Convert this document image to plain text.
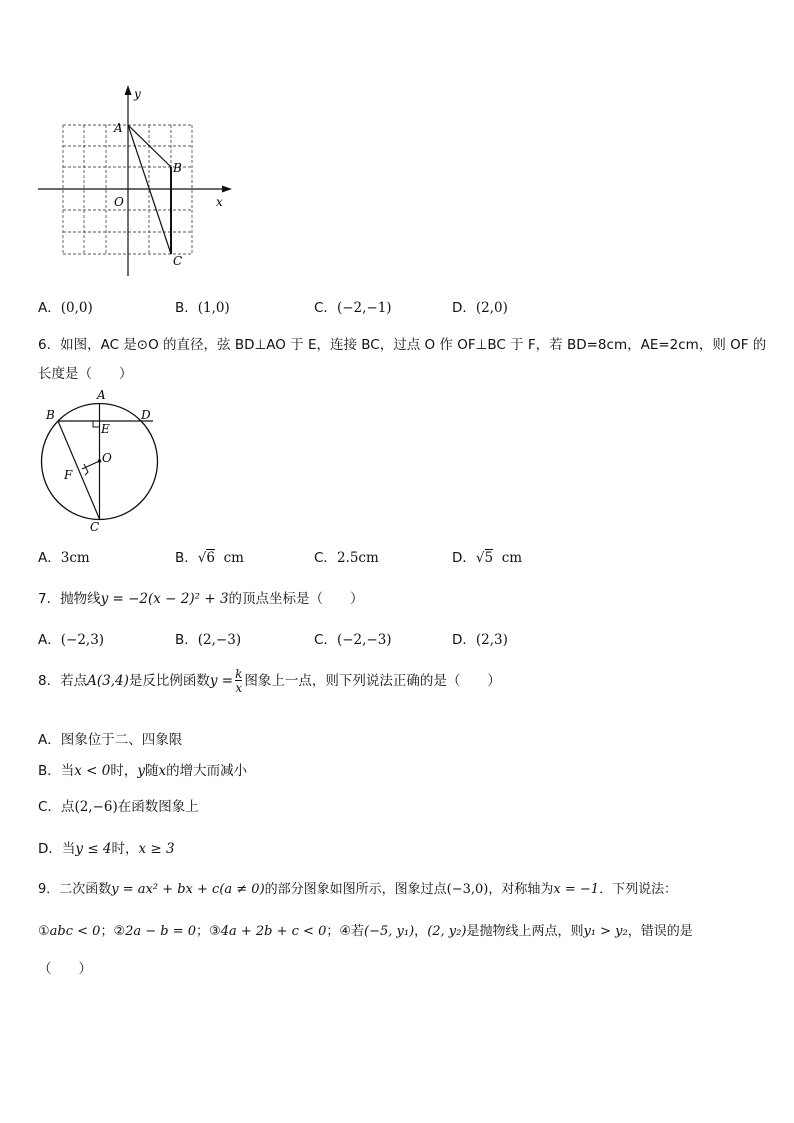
y
x
O
A
B
C
A．(0,0)	B．(1,0)	C．(−2,−1)	D．(2,0)
6．如图，AC 是⊙O 的直径，弦 BD⊥AO 于 E，连接 BC，过点 O 作 OF⊥BC 于 F，若 BD=8cm，AE=2cm，则 OF 的
长度是（　　）
A
B	D
E
O
F
C
A．3cm	B．√6 cm	C．2.5cm	D．√5 cm
7．抛物线y = −2(x − 2)² + 3的顶点坐标是（　　）
A．(−2,3)	B．(2,−3)	C．(−2,−3)	D．(2,3)
8．若点A(3,4)是反比例函数$y = \frac{k}{x}$ 图象上一点，则下列说法正确的是（　　）
A．图象位于二、四象限
B．当x < 0时，y随x的增大而减小
C．点(2,−6)在函数图象上
D．当y ≤ 4时，x ≥ 3
9．二次函数y = ax² + bx + c(a ≠ 0)的部分图象如图所示，图象过点(−3,0)，对称轴为x = −1．下列说法：
①abc < 0；②2a − b = 0；③4a + 2b + c < 0；④若(−5, y₁)，(2, y₂)是抛物线上两点，则y₁ > y₂，错误的是
（　　）
